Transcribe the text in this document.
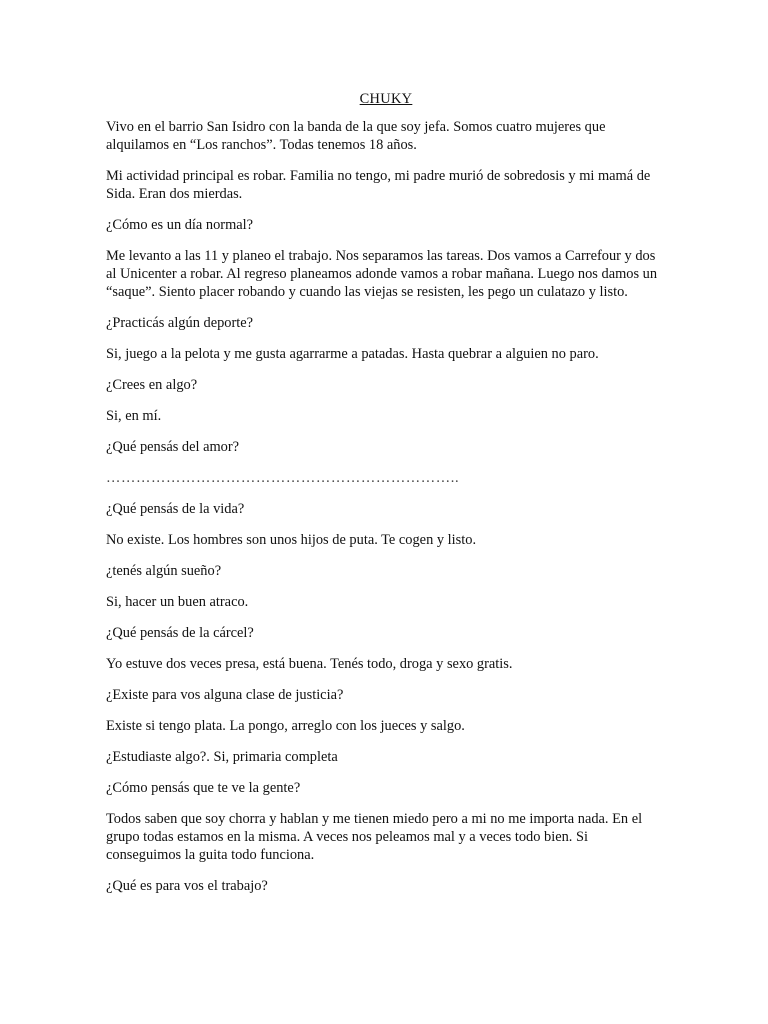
CHUKY

Vivo en el barrio San Isidro con la banda de la que soy jefa. Somos cuatro mujeres que alquilamos en “Los ranchos”. Todas tenemos 18 años.

Mi actividad principal es robar. Familia no tengo, mi padre murió de sobredosis y mi mamá de Sida. Eran dos mierdas.

¿Cómo es un día normal?

Me levanto a las 11 y planeo el trabajo. Nos separamos las tareas. Dos vamos a Carrefour y dos al Unicenter a robar. Al regreso planeamos adonde vamos a robar mañana. Luego nos damos un “saque”. Siento placer robando y cuando las viejas se resisten, les pego un culatazo y listo.

¿Practicás algún deporte?

Si, juego a la pelota y me gusta agarrarme a patadas. Hasta quebrar a alguien no paro.

¿Crees en algo?

Si, en mí.

¿Qué pensás del amor?

……………………………………………………………..

¿Qué pensás de la vida?

No existe. Los hombres son unos hijos de puta. Te cogen y listo.

¿tenés algún sueño?

Si, hacer un buen atraco.

¿Qué pensás de la cárcel?

Yo estuve dos veces presa, está buena. Tenés todo, droga y sexo gratis.

¿Existe para vos alguna clase de justicia?

Existe si tengo plata. La pongo, arreglo con los jueces y salgo.

¿Estudiaste algo?. Si, primaria completa

¿Cómo pensás que te ve la gente?

Todos saben que soy chorra y hablan y me tienen miedo pero a mi no me importa nada. En el grupo todas estamos en la misma. A veces nos peleamos mal y a veces todo bien. Si conseguimos la guita todo funciona.

¿Qué es para vos el trabajo?
